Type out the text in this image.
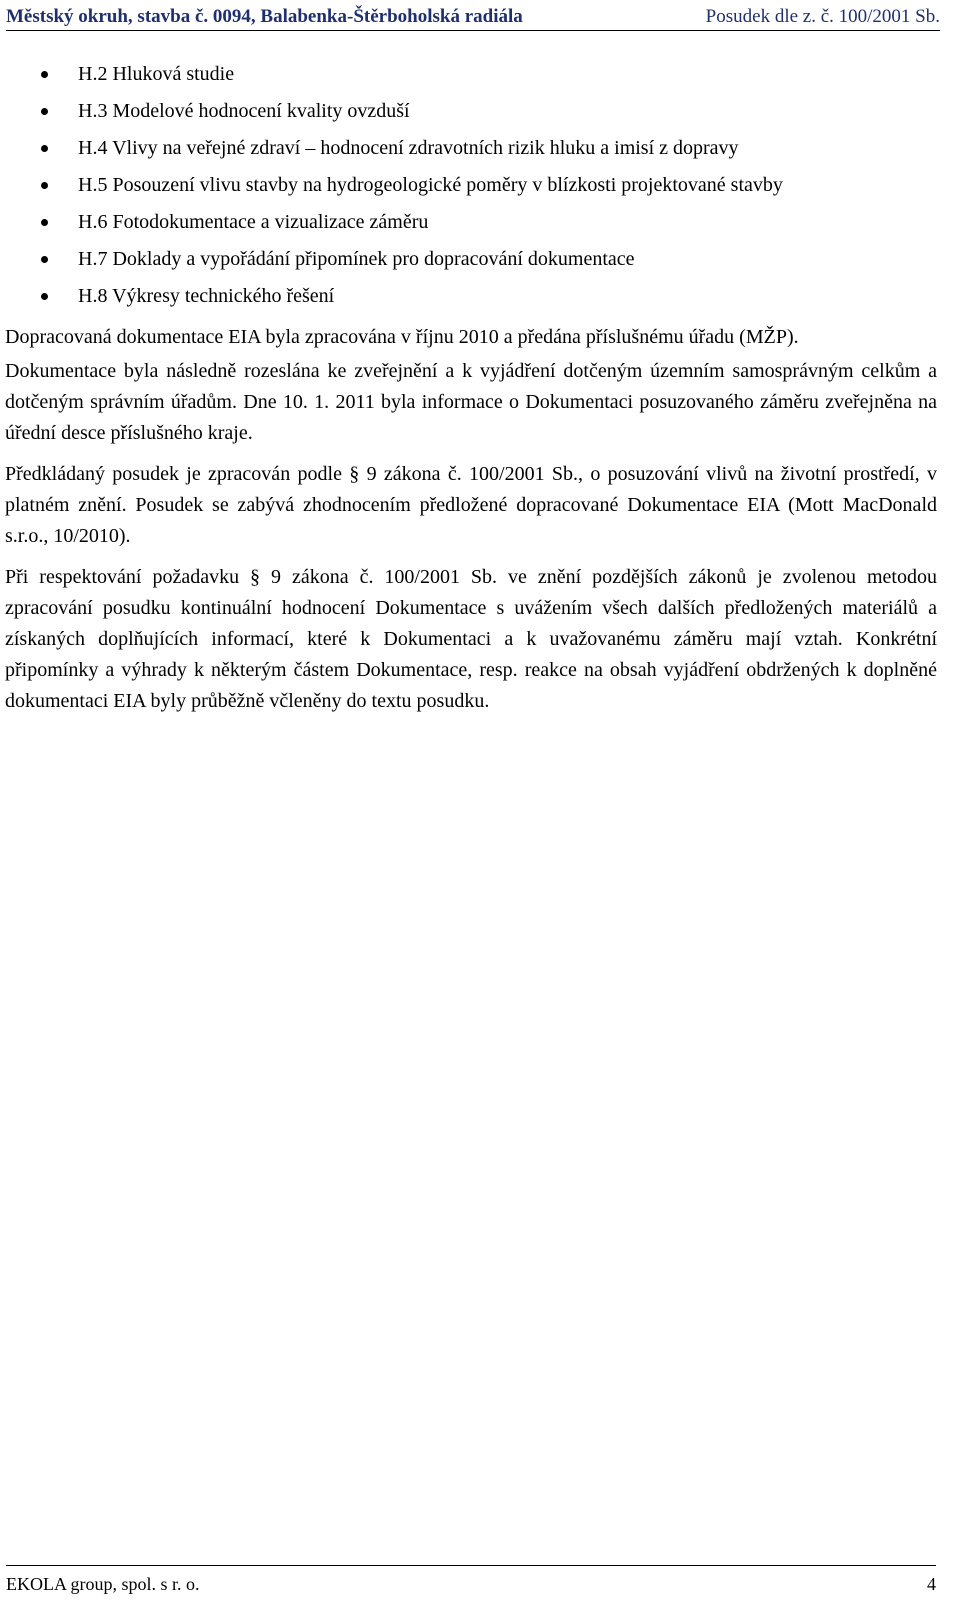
Městský okruh, stavba č. 0094, Balabenka-Štěrboholská radiála	Posudek dle z. č. 100/2001 Sb.
H.2 Hluková studie
H.3 Modelové hodnocení kvality ovzduší
H.4 Vlivy na veřejné zdraví – hodnocení zdravotních rizik hluku a imisí z dopravy
H.5 Posouzení vlivu stavby na hydrogeologické poměry v blízkosti projektované stavby
H.6 Fotodokumentace a vizualizace záměru
H.7 Doklady a vypořádání připomínek pro dopracování dokumentace
H.8 Výkresy technického řešení

Dopracovaná dokumentace EIA byla zpracována v říjnu 2010 a předána příslušnému úřadu (MŽP).

Dokumentace byla následně rozeslána ke zveřejnění a k vyjádření dotčeným územním samosprávným celkům a dotčeným správním úřadům. Dne 10. 1. 2011 byla informace o Dokumentaci posuzovaného záměru zveřejněna na úřední desce příslušného kraje.

Předkládaný posudek je zpracován podle § 9 zákona č. 100/2001 Sb., o posuzování vlivů na životní prostředí, v platném znění. Posudek se zabývá zhodnocením předložené dopracované Dokumentace EIA (Mott MacDonald s.r.o., 10/2010).

Při respektování požadavku § 9 zákona č. 100/2001 Sb. ve znění pozdějších zákonů je zvolenou metodou zpracování posudku kontinuální hodnocení Dokumentace s uvážením všech dalších předložených materiálů a získaných doplňujících informací, které k Dokumentaci a k uvažovanému záměru mají vztah. Konkrétní připomínky a výhrady k některým částem Dokumentace, resp. reakce na obsah vyjádření obdržených k doplněné dokumentaci EIA byly průběžně včleněny do textu posudku.

EKOLA group, spol. s r. o.	4
